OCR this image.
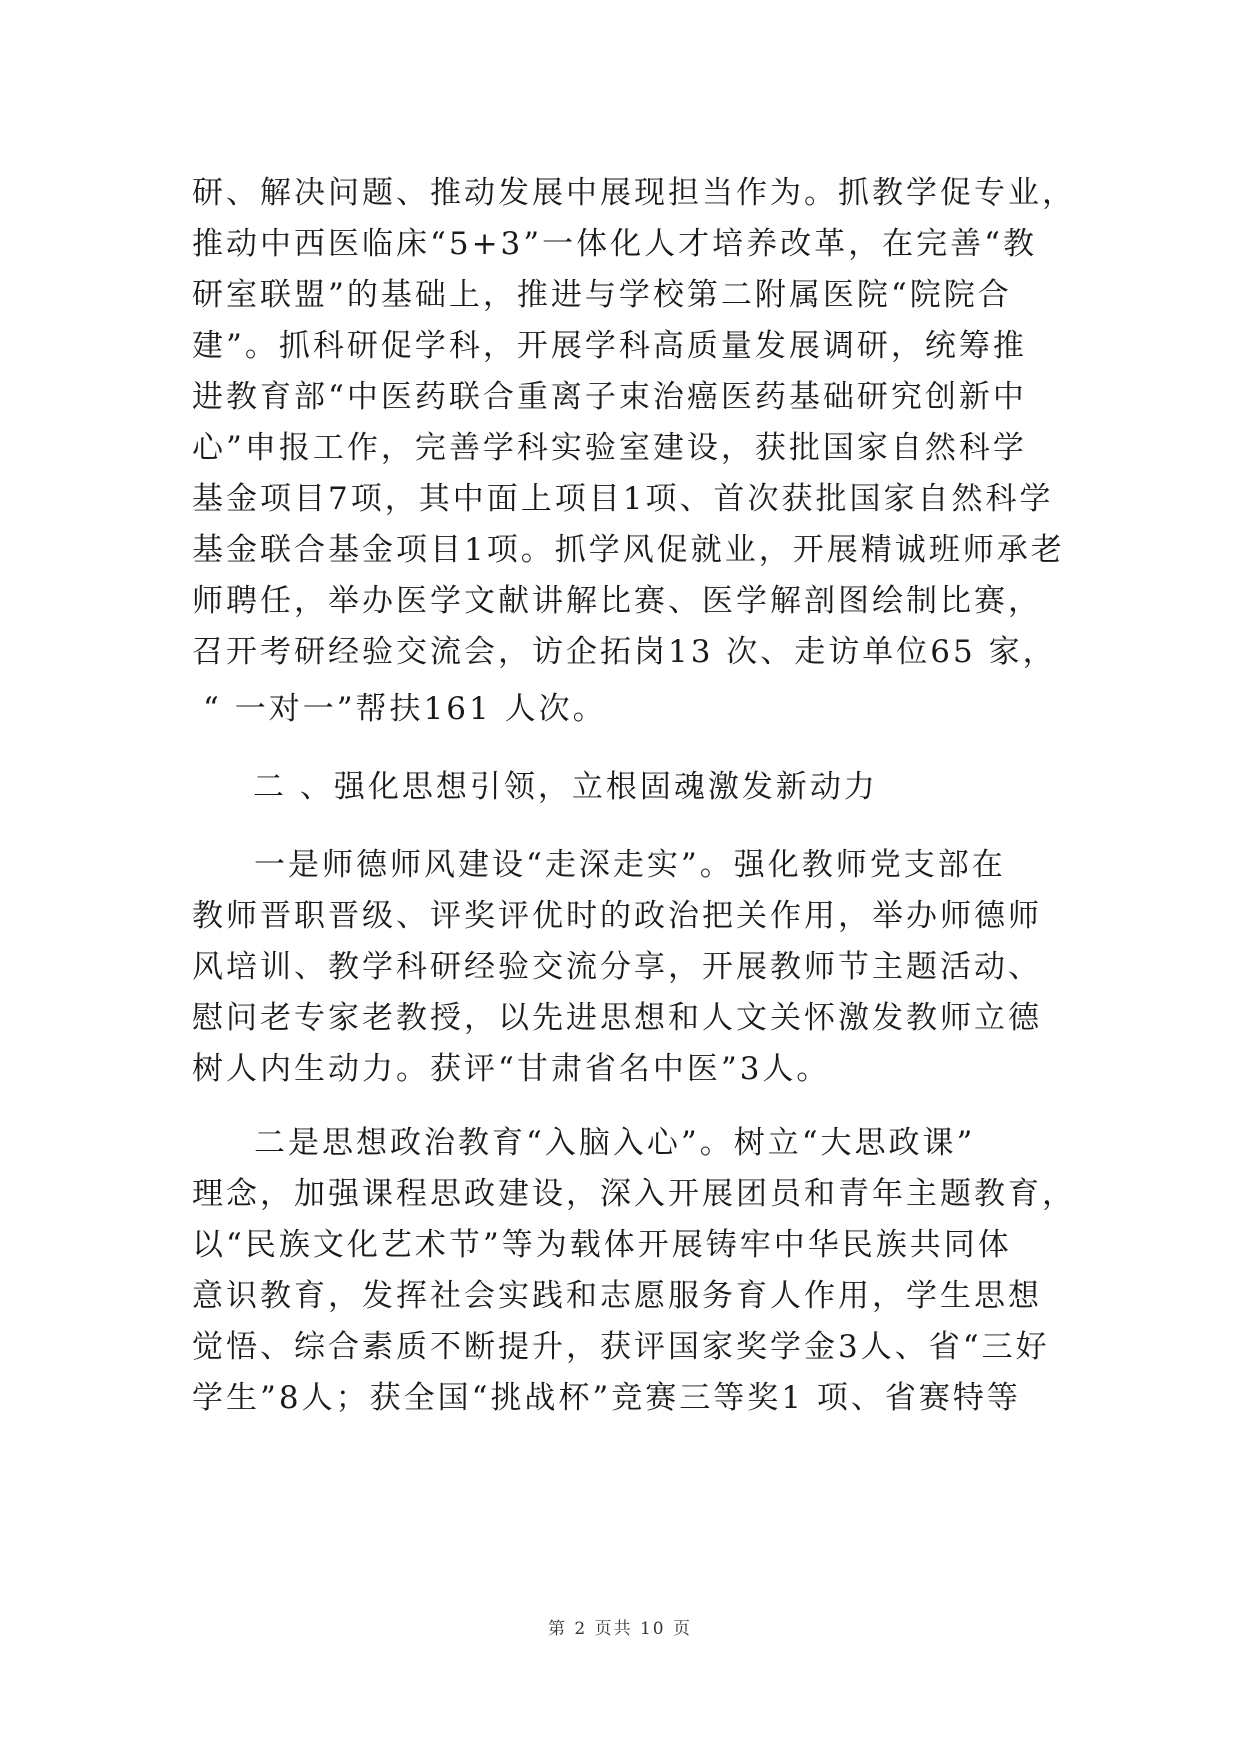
研、解决问题、推动发展中展现担当作为。抓教学促专业，
推动中西医临床“5+3”一体化人才培养改革，在完善“教
研室联盟”的基础上，推进与学校第二附属医院“院院合
建”。抓科研促学科，开展学科高质量发展调研，统筹推
进教育部“中医药联合重离子束治癌医药基础研究创新中
心”申报工作，完善学科实验室建设，获批国家自然科学
基金项目7项，其中面上项目1项、首次获批国家自然科学
基金联合基金项目1项。抓学风促就业，开展精诚班师承老
师聘任，举办医学文献讲解比赛、医学解剖图绘制比赛，
召开考研经验交流会，访企拓岗13 次、走访单位65 家，
“ 一对一”帮扶161 人次。
二 、强化思想引领，立根固魂激发新动力
一是师德师风建设“走深走实”。强化教师党支部在
教师晋职晋级、评奖评优时的政治把关作用，举办师德师
风培训、教学科研经验交流分享，开展教师节主题活动、
慰问老专家老教授，以先进思想和人文关怀激发教师立德
树人内生动力。获评“甘肃省名中医”3人。
二是思想政治教育“入脑入心”。树立“大思政课”
理念，加强课程思政建设，深入开展团员和青年主题教育，
以“民族文化艺术节”等为载体开展铸牢中华民族共同体
意识教育，发挥社会实践和志愿服务育人作用，学生思想
觉悟、综合素质不断提升，获评国家奖学金3人、省“三好
学生”8人；获全国“挑战杯”竞赛三等奖1 项、省赛特等
第 2 页共 10 页
